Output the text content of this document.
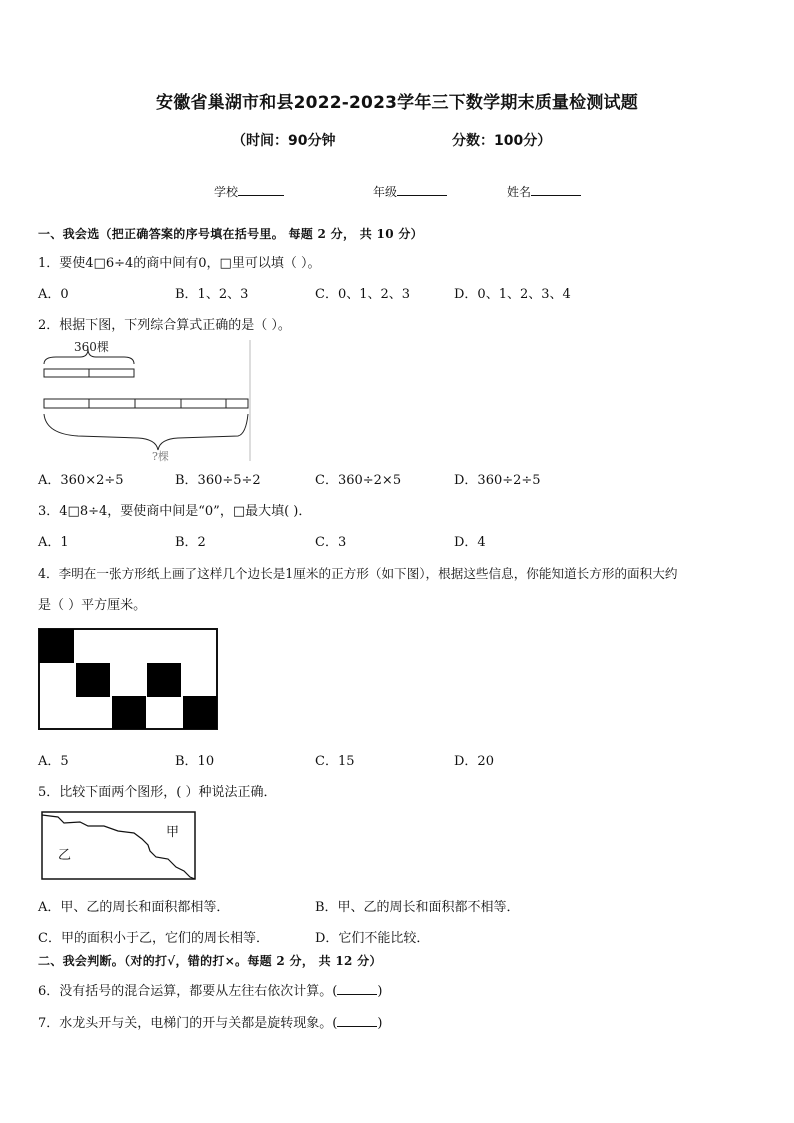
安徽省巢湖市和县2022-2023学年三下数学期末质量检测试题
（时间：90分钟	分数：100分）
学校	年级	姓名
一、我会选（把正确答案的序号填在括号里。 每题 2 分， 共 10 分）
1．要使4□6÷4的商中间有0，□里可以填（ ）。
A．0	B．1、2、3	C．0、1、2、3	D．0、1、2、3、4
2．根据下图，下列综合算式正确的是（ ）。
360棵
?棵
A．360×2÷5	B．360÷5÷2	C．360÷2×5	D．360÷2÷5
3．4□8÷4，要使商中间是“0”，□最大填( )．
A．1	B．2	C．3	D．4
4．李明在一张方形纸上画了这样几个边长是1厘米的正方形（如下图），根据这些信息，你能知道长方形的面积大约
是（ ）平方厘米。
A．5	B．10	C．15	D．20
5．比较下面两个图形，( ）种说法正确．
甲
乙
A．甲、乙的周长和面积都相等．	B．甲、乙的周长和面积都不相等．
C．甲的面积小于乙，它们的周长相等．	D．它们不能比较．
二、我会判断。（对的打√，错的打×。每题 2 分， 共 12 分）
6．没有括号的混合运算，都要从左往右依次计算。(	)
7．水龙头开与关，电梯门的开与关都是旋转现象。(	)
